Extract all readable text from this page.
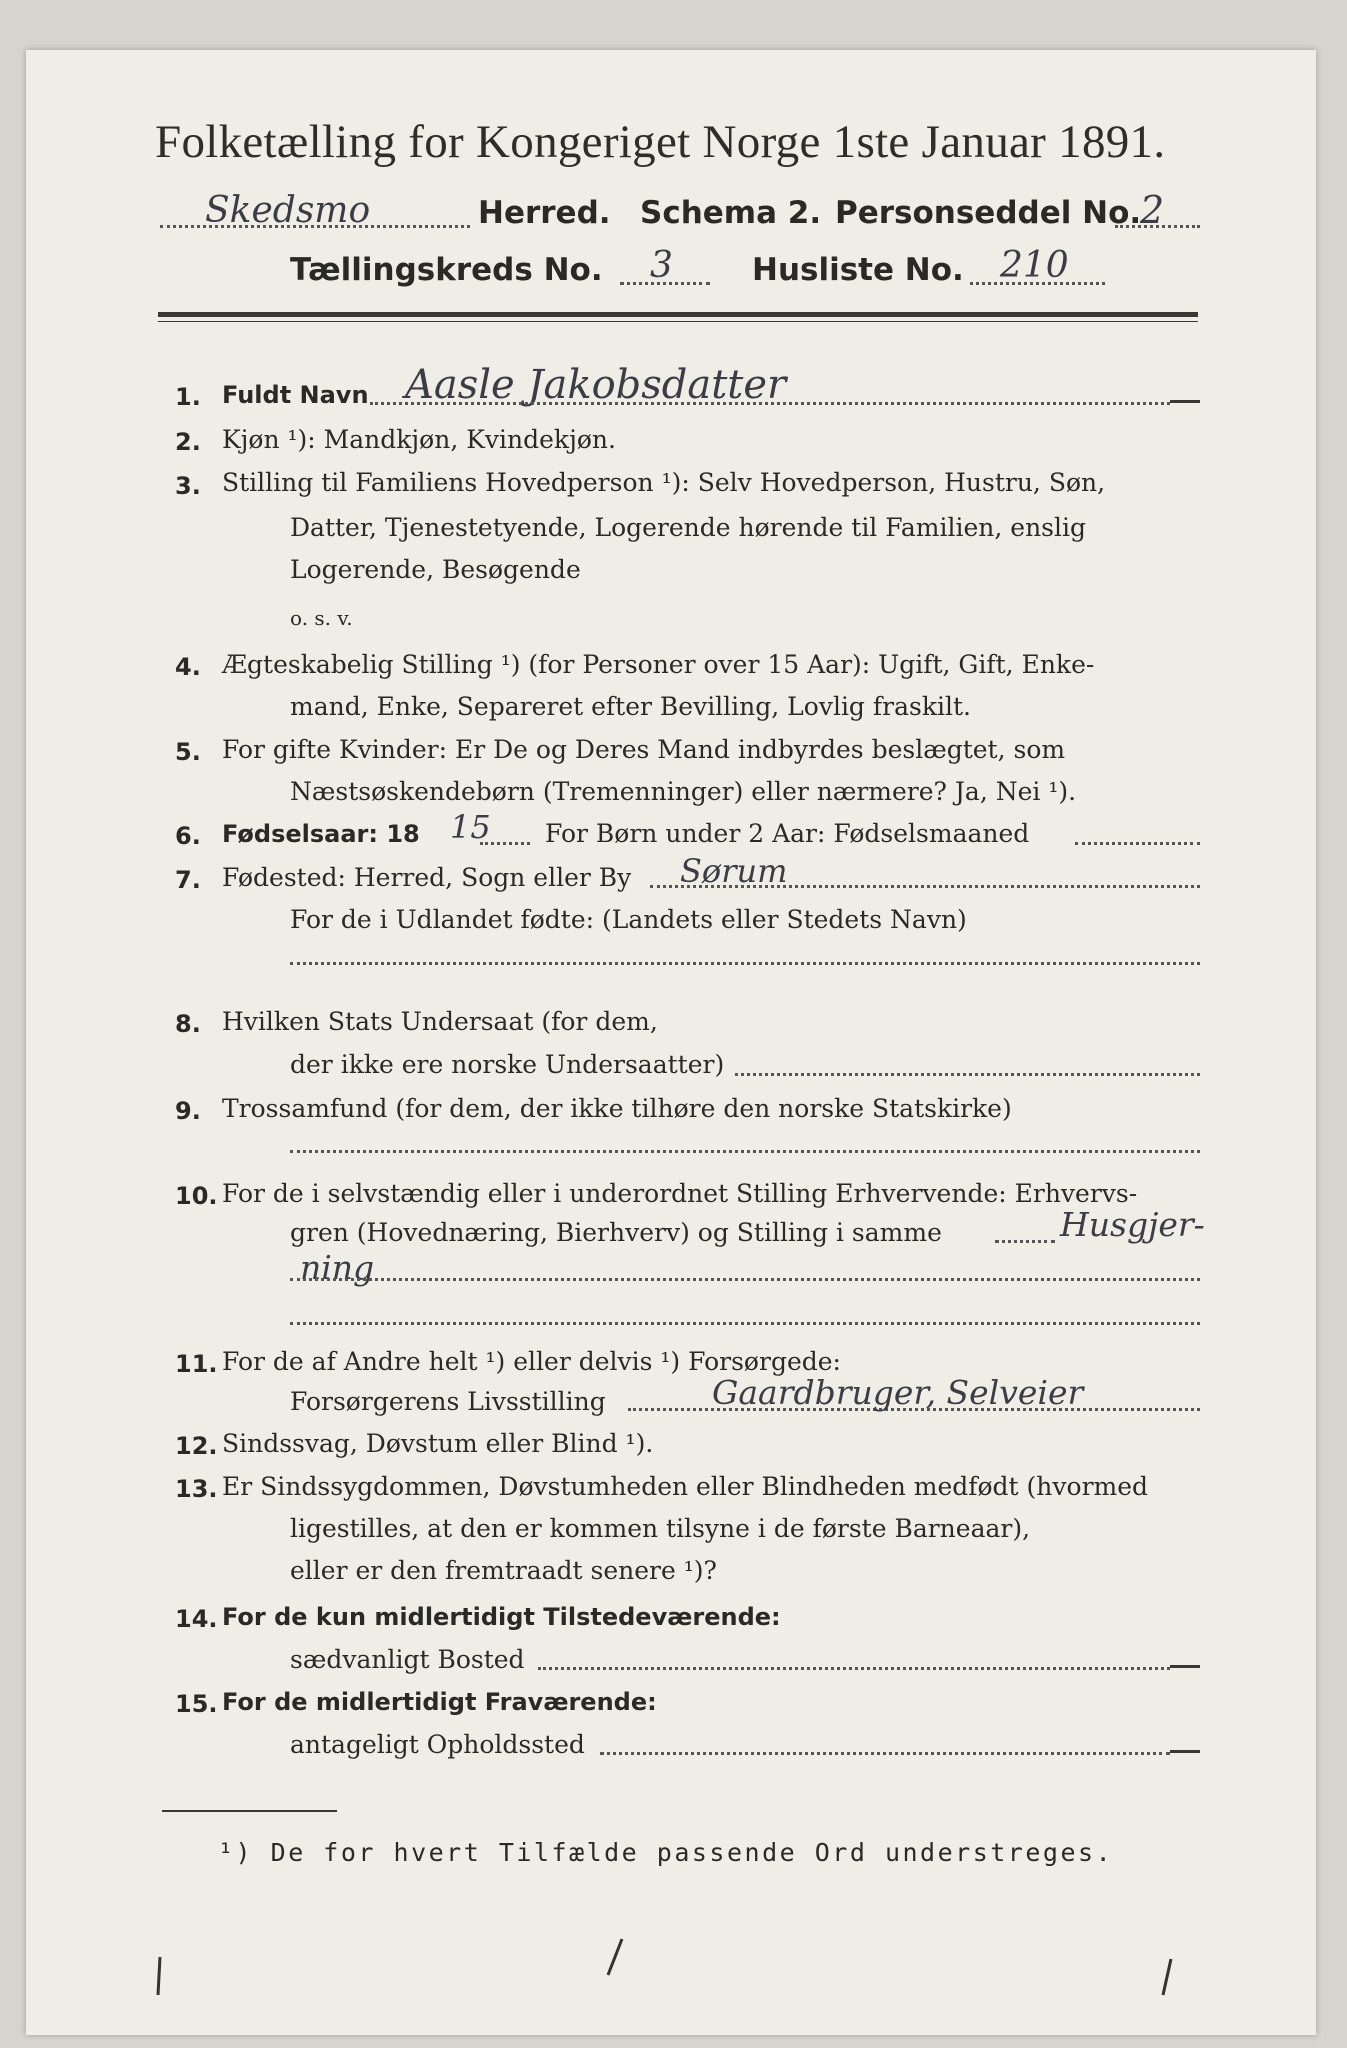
Folketælling for Kongeriget Norge 1ste Januar 1891.
Skedsmo	Herred. Schema 2. Personseddel No.
2
Tællingskreds No. 3	Husliste No. 210
1. Fuldt Navn Aasle Jakobsdatter
2. Kjøn ¹): Mandkjøn, Kvindekjøn.
3. Stilling til Familiens Hovedperson ¹): Selv Hovedperson, Hustru, Søn,
Datter, Tjenestetyende, Logerende hørende til Familien, enslig
Logerende, Besøgende
o. s. v.
4. Ægteskabelig Stilling ¹) (for Personer over 15 Aar): Ugift, Gift, Enke-
mand, Enke, Separeret efter Bevilling, Lovlig fraskilt.
5. For gifte Kvinder: Er De og Deres Mand indbyrdes beslægtet, som
Næstsøskendebørn (Tremenninger) eller nærmere? Ja, Nei ¹).
6. Fødselsaar: 18 15 For Børn under 2 Aar: Fødselsmaaned
7. Fødested: Herred, Sogn eller By Sørum
For de i Udlandet fødte: (Landets eller Stedets Navn)
8. Hvilken Stats Undersaat (for dem,
der ikke ere norske Undersaatter)
9. Trossamfund (for dem, der ikke tilhøre den norske Statskirke)
10. For de i selvstændig eller i underordnet Stilling Erhvervende: Erhvervs-
gren (Hovednæring, Bierhverv) og Stilling i samme	Husgjer-
ning
11. For de af Andre helt ¹) eller delvis ¹) Forsørgede:
Forsørgerens Livsstilling	Gaardbruger, Selveier
12. Sindssvag, Døvstum eller Blind ¹).
13. Er Sindssygdommen, Døvstumheden eller Blindheden medfødt (hvormed
ligestilles, at den er kommen tilsyne i de første Barneaar),
eller er den fremtraadt senere ¹)?
14. For de kun midlertidigt Tilstedeværende:
sædvanligt Bosted
15. For de midlertidigt Fraværende:
antageligt Opholdssted
¹) De for hvert Tilfælde passende Ord understreges.
